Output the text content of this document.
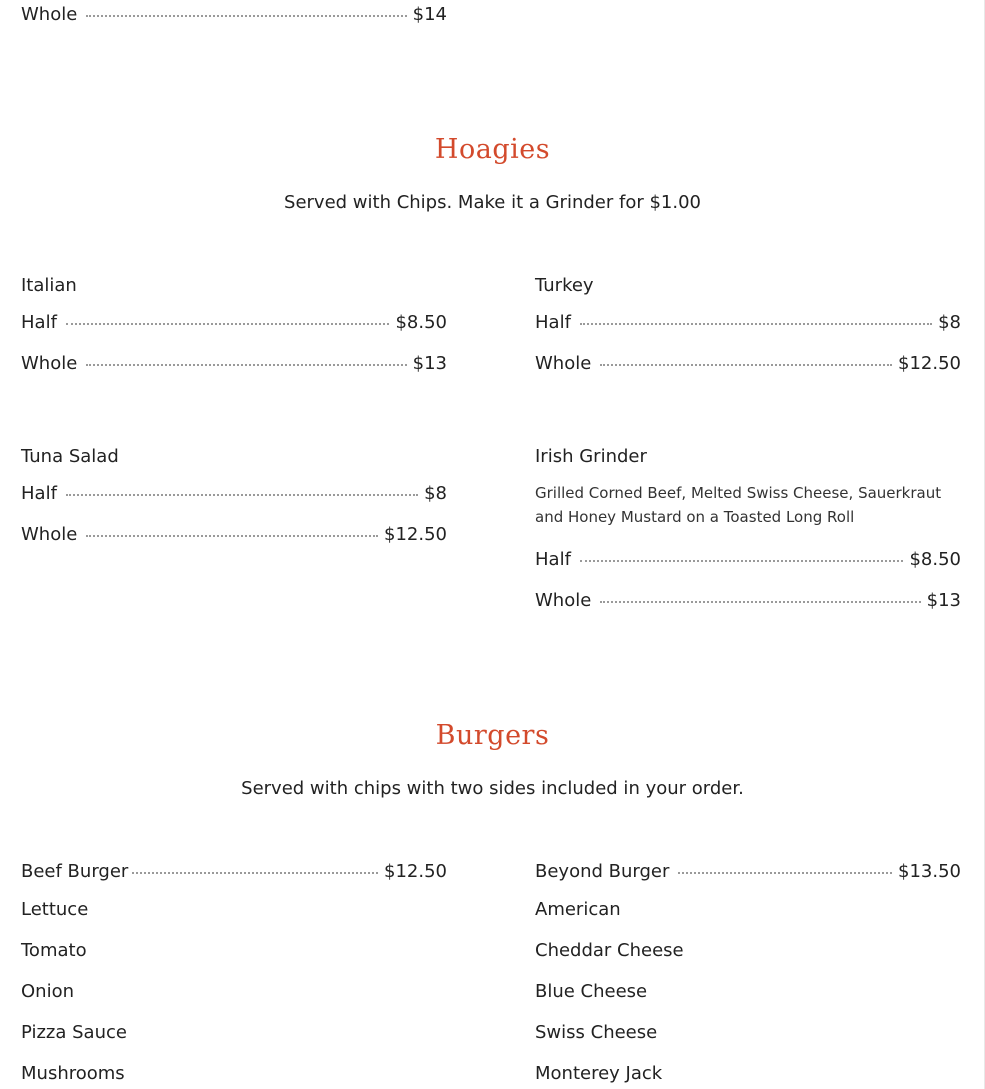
Whole	$14
Hoagies
Served with Chips. Make it a Grinder for $1.00
Italian
Half	$8.50
Whole	$13
Turkey
Half	$8
Whole	$12.50
Tuna Salad
Half	$8
Whole	$12.50
Irish Grinder
Grilled Corned Beef, Melted Swiss Cheese, Sauerkraut and Honey Mustard on a Toasted Long Roll
Half	$8.50
Whole	$13
Burgers
Served with chips with two sides included in your order.
Beef Burger	$12.50	Beyond Burger	$13.50
Lettuce
Tomato
Onion
Pizza Sauce
Mushrooms
American
Cheddar Cheese
Blue Cheese
Swiss Cheese
Monterey Jack
